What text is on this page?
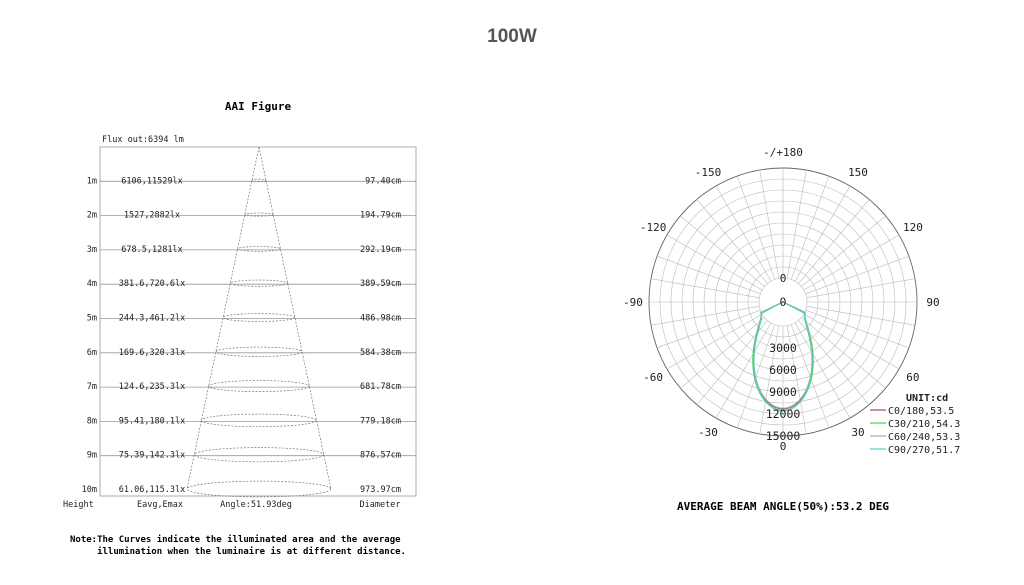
100W
AAI Figure
Flux out:6394 lm
1m	6106,11529lx	97.40cm
2m	1527,2882lx	194.79cm
3m	678.5,1281lx	292.19cm
4m	381.6,720.6lx	389.59cm
5m	244.3,461.2lx	486.98cm
6m	169.6,320.3lx	584.38cm
7m	124.6,235.3lx	681.78cm
8m	95.41,180.1lx	779.18cm
9m	75.39,142.3lx	876.57cm
10m	61.06,115.3lx	973.97cm
Height	Eavg,Emax	Angle:51.93deg	Diameter
-/+180
-150	150
-120	120
-90	90
-60	60
-30	30
0
0
0
3000
6000
9000
12000
15000
UNIT:cd
C0/180,53.5
C30/210,54.3
C60/240,53.3
C90/270,51.7
Note:The Curves indicate the illuminated area and the average
illumination when the luminaire is at different distance.
AVERAGE BEAM ANGLE(50%):53.2 DEG
